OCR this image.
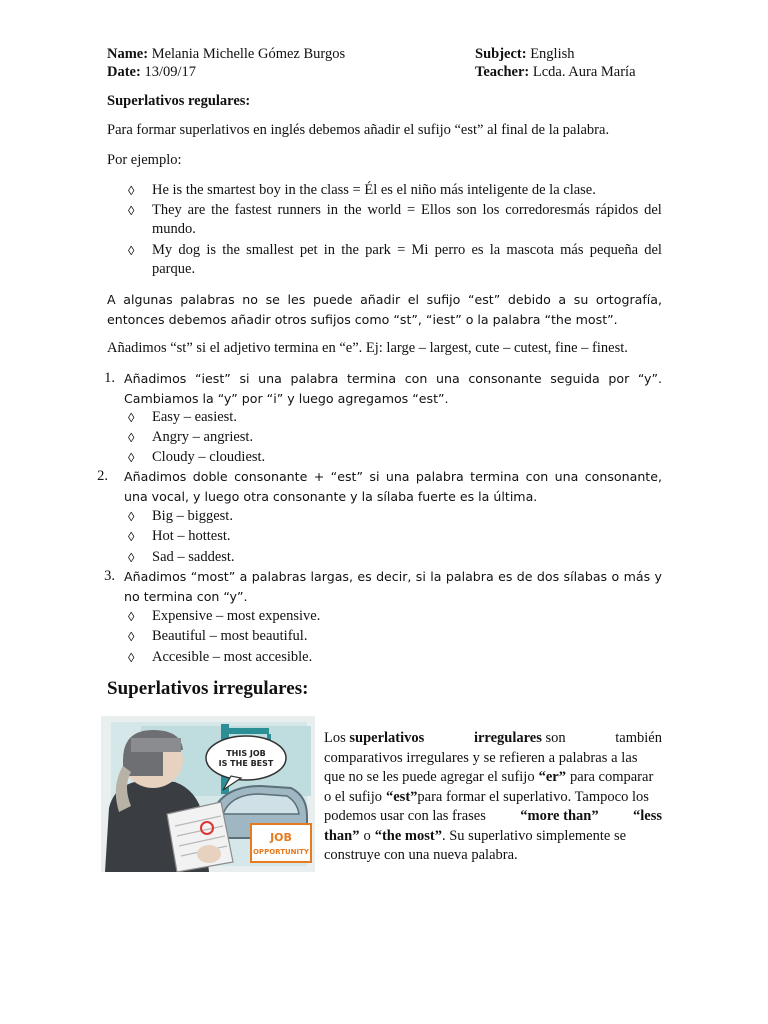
Name: Melania Michelle Gómez Burgos
Date: 13/09/17
Subject: English
Teacher: Lcda. Aura María
Superlativos regulares:
Para formar superlativos en inglés debemos añadir el sufijo “est” al final de la palabra.
Por ejemplo:
◊	He is the smartest boy in the class = Él es el niño más inteligente de la clase.
◊	They are the fastest runners in the world = Ellos son los corredoresmás rápidos del
mundo.
◊	My dog is the smallest pet in the park = Mi perro es la mascota más pequeña del
parque.
A algunas palabras no se les puede añadir el sufijo “est” debido a su ortografía, entonces debemos añadir otros sufijos como “st”, “iest” o la palabra “the most”.
Añadimos “st” si el adjetivo termina en “e”. Ej: large – largest, cute – cutest, fine – finest.
1. Añadimos “iest” si una palabra termina con una consonante seguida por “y”. Cambiamos la “y” por “i” y luego agregamos “est”.
◊	Easy – easiest.
◊	Angry – angriest.
◊	Cloudy – cloudiest.
2. Añadimos doble consonante + “est” si una palabra termina con una consonante, una vocal, y luego otra consonante y la sílaba fuerte es la última.
◊	Big – biggest.
◊	Hot – hottest.
◊	Sad – saddest.
3. Añadimos “most” a palabras largas, es decir, si la palabra es de dos sílabas o más y no termina con “y”.
◊	Expensive – most expensive.
◊	Beautiful – most beautiful.
◊	Accesible – most accesible.
Superlativos irregulares:
THIS JOB
IS THE BEST
JOB
OPPORTUNITY
Los superlativos	irregulares son	también
comparativos irregulares y se refieren a palabras a las
que no se les puede agregar el sufijo “er” para comparar
o el sufijo “est” para formar el superlativo. Tampoco los
podemos usar con las frases “more than” “less
than” o “the most” . Su superlativo simplemente se
construye con una nueva palabra.
